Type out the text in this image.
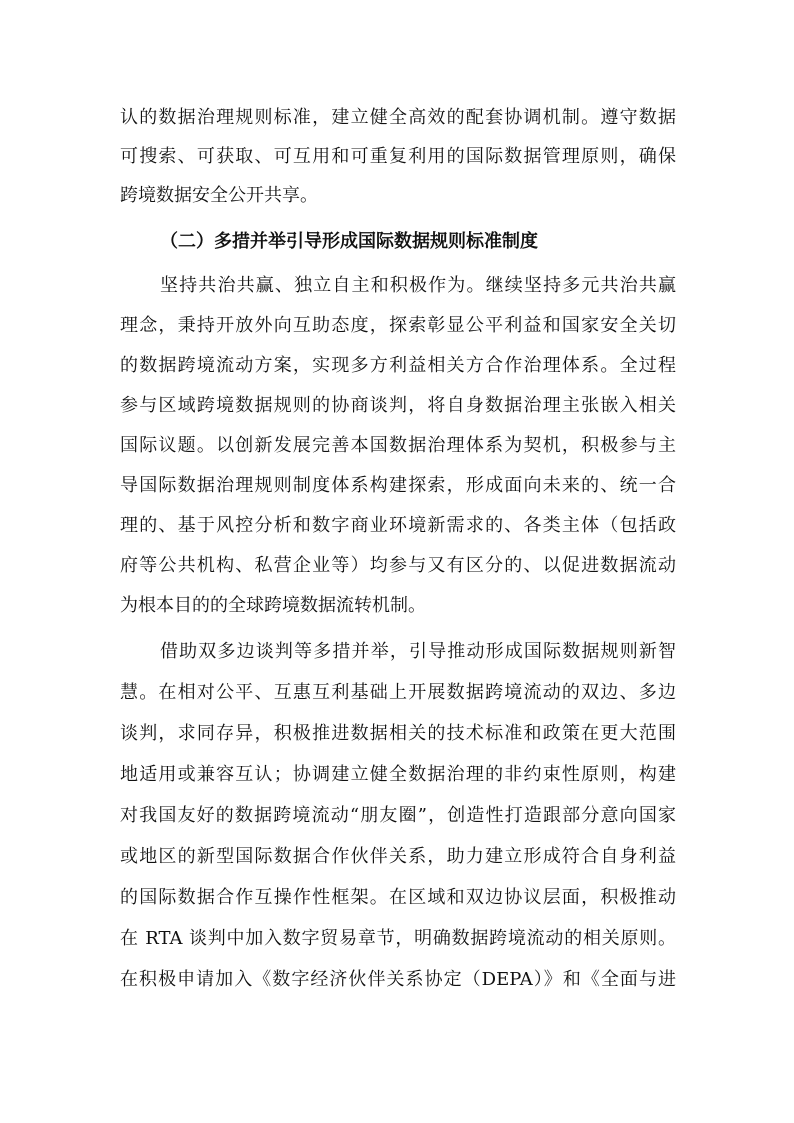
认的数据治理规则标准，建立健全高效的配套协调机制。遵守数据
可搜索、可获取、可互用和可重复利用的国际数据管理原则，确保
跨境数据安全公开共享。
（二）多措并举引导形成国际数据规则标准制度
坚持共治共赢、独立自主和积极作为。继续坚持多元共治共赢
理念，秉持开放外向互助态度，探索彰显公平利益和国家安全关切
的数据跨境流动方案，实现多方利益相关方合作治理体系。全过程
参与区域跨境数据规则的协商谈判，将自身数据治理主张嵌入相关
国际议题。以创新发展完善本国数据治理体系为契机，积极参与主
导国际数据治理规则制度体系构建探索，形成面向未来的、统一合
理的、基于风控分析和数字商业环境新需求的、各类主体（包括政
府等公共机构、私营企业等）均参与又有区分的、以促进数据流动
为根本目的的全球跨境数据流转机制。
借助双多边谈判等多措并举，引导推动形成国际数据规则新智
慧。在相对公平、互惠互利基础上开展数据跨境流动的双边、多边
谈判，求同存异，积极推进数据相关的技术标准和政策在更大范围
地适用或兼容互认；协调建立健全数据治理的非约束性原则，构建
对我国友好的数据跨境流动“朋友圈”，创造性打造跟部分意向国家
或地区的新型国际数据合作伙伴关系，助力建立形成符合自身利益
的国际数据合作互操作性框架。在区域和双边协议层面，积极推动
在 RTA 谈判中加入数字贸易章节，明确数据跨境流动的相关原则。
在积极申请加入《数字经济伙伴关系协定（DEPA）》和《全面与进
